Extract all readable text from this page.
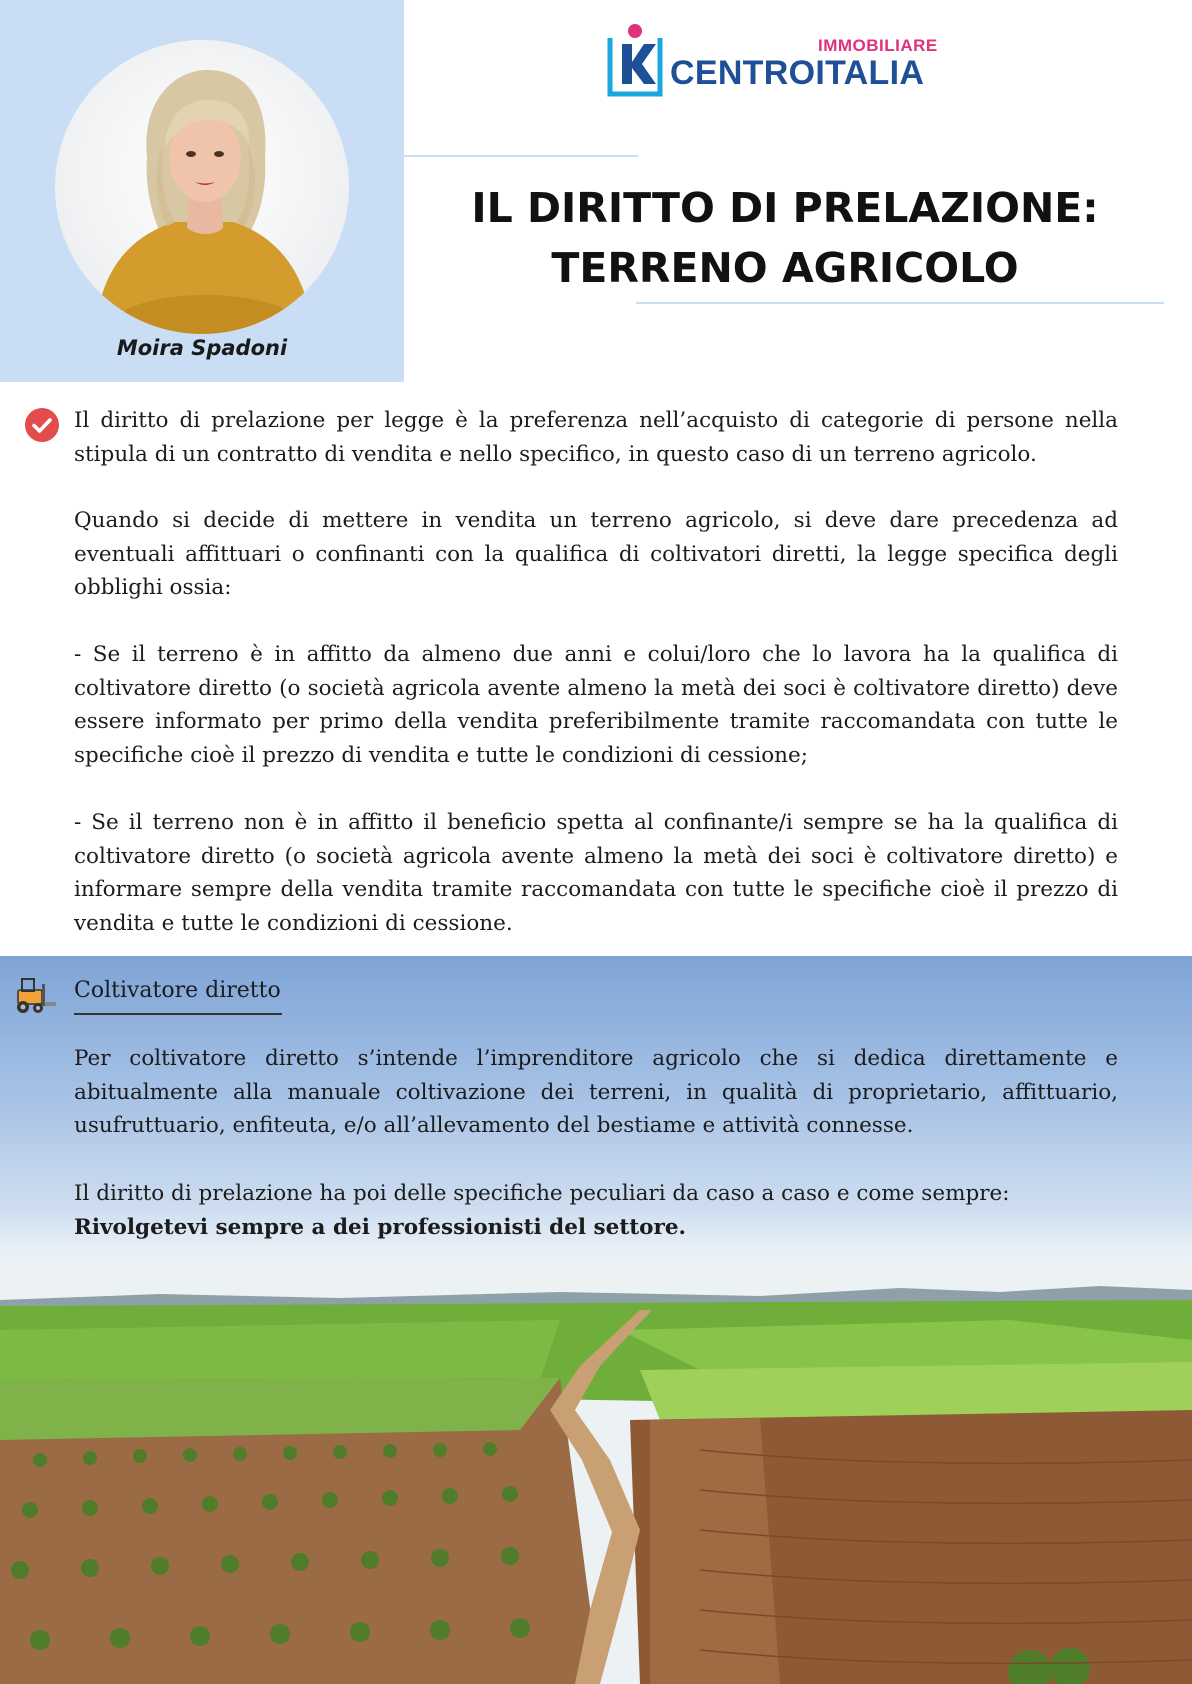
Moira Spadoni
IMMOBILIARE
CENTROITALIA
IL DIRITTO DI PRELAZIONE:
TERRENO AGRICOLO
Il diritto di prelazione per legge è la preferenza nell’acquisto di categorie di persone nella stipula di un contratto di vendita e nello specifico, in questo caso di un terreno agricolo.
Quando si decide di mettere in vendita un terreno agricolo, si deve dare precedenza ad eventuali affittuari o confinanti con la qualifica di coltivatori diretti, la legge specifica degli obblighi ossia:
- Se il terreno è in affitto da almeno due anni e colui/loro che lo lavora ha la qualifica di coltivatore diretto (o società agricola avente almeno la metà dei soci è coltivatore diretto) deve essere informato per primo della vendita preferibilmente tramite raccomandata con tutte le specifiche cioè il prezzo di vendita e tutte le condizioni di cessione;
- Se il terreno non è in affitto il beneficio spetta al confinante/i sempre se ha la qualifica di coltivatore diretto (o società agricola avente almeno la metà dei soci è coltivatore diretto) e informare sempre della vendita tramite raccomandata con tutte le specifiche cioè il prezzo di vendita e tutte le condizioni di cessione.
Coltivatore diretto
Per coltivatore diretto s’intende l’imprenditore agricolo che si dedica direttamente e abitualmente alla manuale coltivazione dei terreni, in qualità di proprietario, affittuario, usufruttuario, enfiteuta, e/o all’allevamento del bestiame e attività connesse.
Il diritto di prelazione ha poi delle specifiche peculiari da caso a caso e come sempre:
Rivolgetevi sempre a dei professionisti del settore.
